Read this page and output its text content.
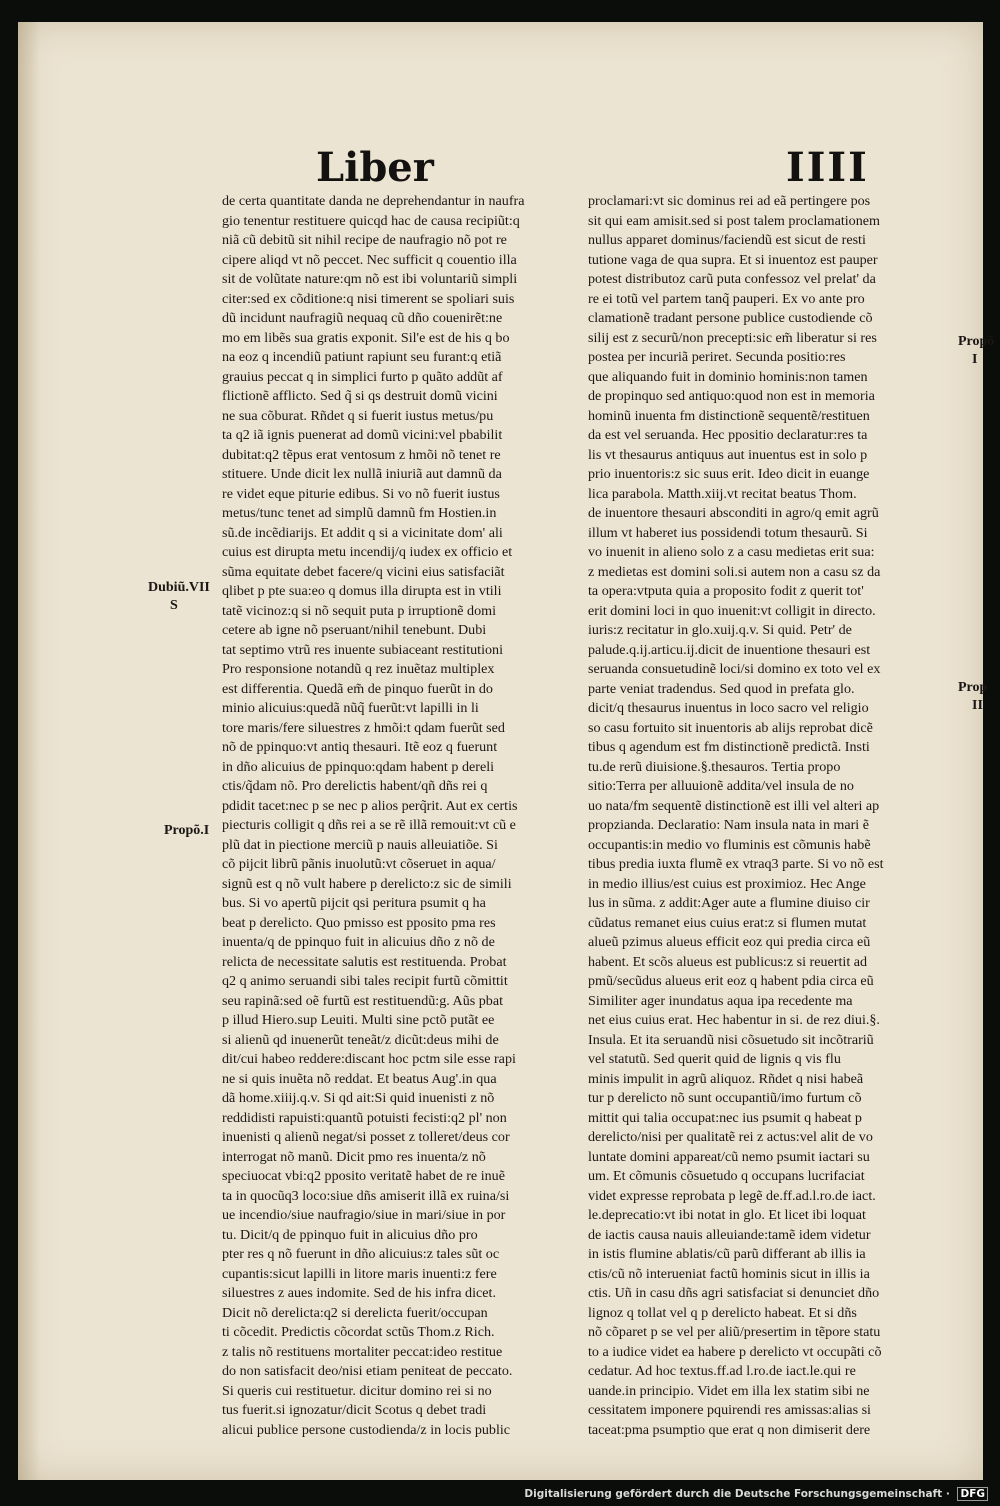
Liber	IIII
de certa quantitate danda ne deprehendantur in naufra
gio tenentur restituere quicqd hac de causa recipiũt:q
niã cũ debitũ sit nihil recipe de naufragio nõ pot re
cipere aliqd vt nõ peccet. Nec sufficit q couentio illa
sit de volũtate nature:qm nõ est ibi voluntariũ simpli
citer:sed ex cõditione:q nisi timerent se spoliari suis
dũ incidunt naufragiũ nequaq cũ dño couenirẽt:ne
mo em libẽs sua gratis exponit. Sil'e est de his q bo
na eoz q incendiũ patiunt rapiunt seu furant:q etiã
grauius peccat q in simplici furto p quãto addũt af
flictionẽ afflicto. Sed q̃ si qs destruit domũ vicini
ne sua cõburat. Rñdet q si fuerit iustus metus/pu
ta q2 iã ignis puenerat ad domũ vicini:vel pbabilit
dubitat:q2 tẽpus erat ventosum z hmõi nõ tenet re
stituere. Unde dicit lex nullã iniuriã aut damnũ da
re videt eque piturie edibus. Si vo nõ fuerit iustus
metus/tunc tenet ad simplũ damnũ fm Hostien.in
sũ.de incẽdiarijs. Et addit q si a vicinitate dom' ali
cuius est dirupta metu incendij/q iudex ex officio et
sũma equitate debet facere/q vicini eius satisfaciãt
qlibet p pte sua:eo q domus illa dirupta est in vtili
tatẽ vicinoz:q si nõ sequit puta p irruptionẽ domi
cetere ab igne nõ pseruant/nihil tenebunt. Dubi
tat septimo vtrũ res inuente subiaceant restitutioni
Pro responsione notandũ q rez inuẽtaz multiplex
est differentia. Quedã em̃ de pinquo fuerũt in do
minio alicuius:quedã nũq̃ fuerũt:vt lapilli in li
tore maris/fere siluestres z hmõi:t qdam fuerũt sed
nõ de ppinquo:vt antiq thesauri. Itẽ eoz q fuerunt
in dño alicuius de ppinquo:qdam habent p dereli
ctis/q̃dam nõ. Pro derelictis habent/qñ dñs rei q
pdidit tacet:nec p se nec p alios perq̃rit. Aut ex certis
piecturis colligit q dñs rei a se rẽ illã remouit:vt cũ e
plũ dat in piectione merciũ p nauis alleuiatiõe. Si
cõ pijcit librũ pãnis inuolutũ:vt cõseruet in aqua/
signũ est q nõ vult habere p derelicto:z sic de simili
bus. Si vo apertũ pijcit qsi peritura psumit q ha
beat p derelicto. Quo pmisso est pposito pma res
inuenta/q de ppinquo fuit in alicuius dño z nõ de
relicta de necessitate salutis est restituenda. Probat
q2 q animo seruandi sibi tales recipit furtũ cõmittit
seu rapinã:sed oẽ furtũ est restituendũ:g. Aũs pbat
p illud Hiero.sup Leuiti. Multi sine pctõ putãt ee
si alienũ qd inuenerũt teneãt/z dicũt:deus mihi de
dit/cui habeo reddere:discant hoc pctm sile esse rapi
ne si quis inuẽta nõ reddat. Et beatus Aug'.in qua
dã home.xiiij.q.v. Si qd ait:Si quid inuenisti z nõ
reddidisti rapuisti:quantũ potuisti fecisti:q2 pl' non
inuenisti q alienũ negat/si posset z tolleret/deus cor
interrogat nõ manũ. Dicit pmo res inuenta/z nõ
speciuocat vbi:q2 pposito veritatẽ habet de re inuẽ
ta in quocũq3 loco:siue dñs amiserit illã ex ruina/si
ue incendio/siue naufragio/siue in mari/siue in por
tu. Dicit/q de ppinquo fuit in alicuius dño pro
pter res q nõ fuerunt in dño alicuius:z tales sũt oc
cupantis:sicut lapilli in litore maris inuenti:z fere
siluestres z aues indomite. Sed de his infra dicet.
Dicit nõ derelicta:q2 si derelicta fuerit/occupan
ti cõcedit. Predictis cõcordat sctũs Thom.z Rich.
z talis nõ restituens mortaliter peccat:ideo restitue
do non satisfacit deo/nisi etiam peniteat de peccato.
Si queris cui restituetur. dicitur domino rei si no
tus fuerit.si ignozatur/dicit Scotus q debet tradi
alicui publice persone custodienda/z in locis public
proclamari:vt sic dominus rei ad eã pertingere pos
sit qui eam amisit.sed si post talem proclamationem
nullus apparet dominus/faciendũ est sicut de resti
tutione vaga de qua supra. Et si inuentoz est pauper
potest distributoz carũ puta confessoz vel prelat' da
re ei totũ vel partem tanq̃ pauperi. Ex vo ante pro
clamationẽ tradant persone publice custodiende cõ
silij est z securũ/non precepti:sic em̃ liberatur si res
postea per incuriã periret. Secunda positio:res
que aliquando fuit in dominio hominis:non tamen
de propinquo sed antiquo:quod non est in memoria
hominũ inuenta fm distinctionẽ sequentẽ/restituen
da est vel seruanda. Hec ppositio declaratur:res ta
lis vt thesaurus antiquus aut inuentus est in solo p
prio inuentoris:z sic suus erit. Ideo dicit in euange
lica parabola. Matth.xiij.vt recitat beatus Thom.
de inuentore thesauri absconditi in agro/q emit agrũ
illum vt haberet ius possidendi totum thesaurũ. Si
vo inuenit in alieno solo z a casu medietas erit sua:
z medietas est domini soli.si autem non a casu sz da
ta opera:vtputa quia a proposito fodit z querit tot'
erit domini loci in quo inuenit:vt colligit in directo.
iuris:z recitatur in glo.xuij.q.v. Si quid. Petr' de
palude.q.ij.articu.ij.dicit de inuentione thesauri est
seruanda consuetudinẽ loci/si domino ex toto vel ex
parte veniat tradendus. Sed quod in prefata glo.
dicit/q thesaurus inuentus in loco sacro vel religio
so casu fortuito sit inuentoris ab alijs reprobat dicẽ
tibus q agendum est fm distinctionẽ predictã. Insti
tu.de rerũ diuisione.§.thesauros. Tertia propo
sitio:Terra per alluuionẽ addita/vel insula de no
uo nata/fm sequentẽ distinctionẽ est illi vel alteri ap
propzianda. Declaratio: Nam insula nata in mari ẽ
occupantis:in medio vo fluminis est cõmunis habẽ
tibus predia iuxta flumẽ ex vtraq3 parte. Si vo nõ est
in medio illius/est cuius est proximioz. Hec Ange
lus in sũma. z addit:Ager aute a flumine diuiso cir
cũdatus remanet eius cuius erat:z si flumen mutat
alueũ pzimus alueus efficit eoz qui predia circa eũ
habent. Et scõs alueus est publicus:z si reuertit ad
pmũ/secũdus alueus erit eoz q habent pdia circa eũ
Similiter ager inundatus aqua ipa recedente ma
net eius cuius erat. Hec habentur in si. de rez diui.§.
Insula. Et ita seruandũ nisi cõsuetudo sit incõtrariũ
vel statutũ. Sed querit quid de lignis q vis flu
minis impulit in agrũ aliquoz. Rñdet q nisi habeã
tur p derelicto nõ sunt occupantiũ/imo furtum cõ
mittit qui talia occupat:nec ius psumit q habeat p
derelicto/nisi per qualitatẽ rei z actus:vel alit de vo
luntate domini appareat/cũ nemo psumit iactari su
um. Et cõmunis cõsuetudo q occupans lucrifaciat
videt expresse reprobata p legẽ de.ff.ad.l.ro.de iact.
le.deprecatio:vt ibi notat in glo. Et licet ibi loquat
de iactis causa nauis alleuiande:tamẽ idem videtur
in istis flumine ablatis/cũ parũ differant ab illis ia
ctis/cũ nõ interueniat factũ hominis sicut in illis ia
ctis. Uñ in casu dñs agri satisfaciat si denunciet dño
lignoz q tollat vel q p derelicto habeat. Et si dñs
nõ cõparet p se vel per aliũ/presertim in tẽpore statu
to a iudice videt ea habere p derelicto vt occupãti cõ
cedatur. Ad hoc textus.ff.ad l.ro.de iact.le.qui re
uande.in principio. Videt em illa lex statim sibi ne
cessitatem imponere pquirendi res amissas:alias si
taceat:pma psumptio que erat q non dimiserit dere
Dubiũ.VII
S
Propõ.I
Propõ
I
Prop
II
Digitalisierung gefördert durch die Deutsche Forschungsgemeinschaft · DFG
